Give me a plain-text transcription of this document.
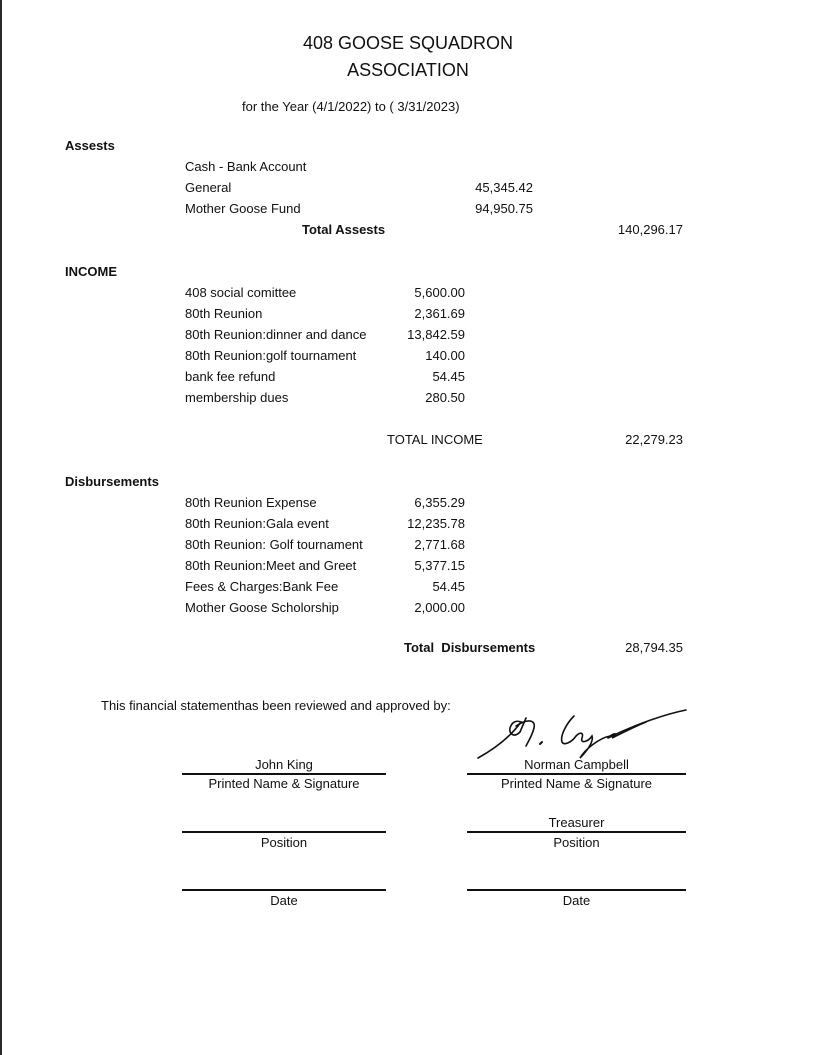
408 GOOSE SQUADRON
ASSOCIATION
for the Year (4/1/2022) to ( 3/31/2023)
Assests
Cash - Bank Account
General	45,345.42
Mother Goose Fund	94,950.75
Total Assests	140,296.17
INCOME
408 social comittee	5,600.00
80th Reunion	2,361.69
80th Reunion:dinner and dance	13,842.59
80th Reunion:golf tournament	140.00
bank fee refund	54.45
membership dues	280.50
TOTAL INCOME	22,279.23
Disbursements
80th Reunion Expense	6,355.29
80th Reunion:Gala event	12,235.78
80th Reunion: Golf tournament	2,771.68
80th Reunion:Meet and Greet	5,377.15
Fees & Charges:Bank Fee	54.45
Mother Goose Scholorship	2,000.00
Total  Disbursements	28,794.35
This financial statementhas been reviewed and approved by:
John King
Printed Name & Signature
Position
Date
Norman Campbell
Printed Name & Signature
Treasurer
Position
Date
